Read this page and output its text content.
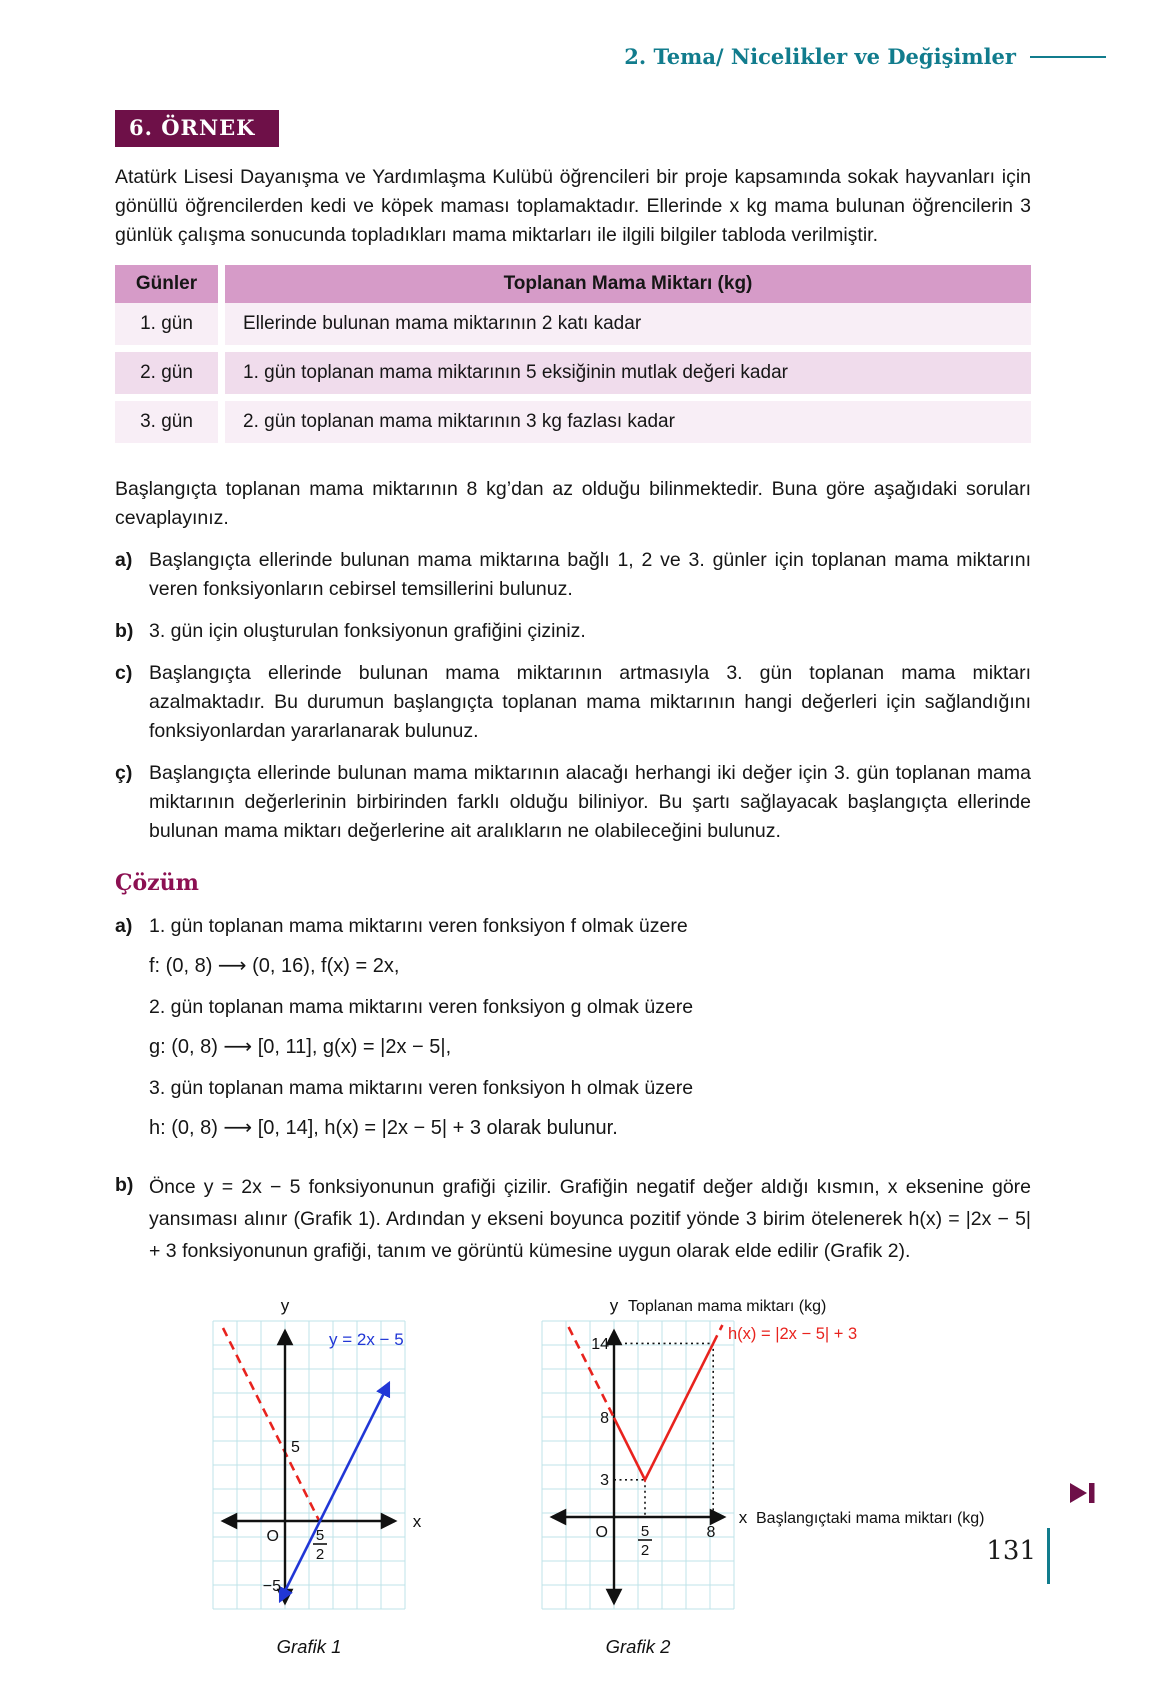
2. Tema/ Nicelikler ve Değişimler
6. ÖRNEK

Atatürk Lisesi Dayanışma ve Yardımlaşma Kulübü öğrencileri bir proje kapsamında sokak hayvanları için gönüllü öğrencilerden kedi ve köpek maması toplamaktadır. Ellerinde x kg mama bulunan öğrencilerin 3 günlük çalışma sonucunda topladıkları mama miktarları ile ilgili bilgiler tabloda verilmiştir.

Günler	Toplanan Mama Miktarı (kg)
1. gün	Ellerinde bulunan mama miktarının 2 katı kadar
2. gün	1. gün toplanan mama miktarının 5 eksiğinin mutlak değeri kadar
3. gün	2. gün toplanan mama miktarının 3 kg fazlası kadar

Başlangıçta toplanan mama miktarının 8 kg’dan az olduğu bilinmektedir. Buna göre aşağıdaki soruları cevaplayınız.

a) Başlangıçta ellerinde bulunan mama miktarına bağlı 1, 2 ve 3. günler için toplanan mama miktarını veren fonksiyonların cebirsel temsillerini bulunuz.
b) 3. gün için oluşturulan fonksiyonun grafiğini çiziniz.
c) Başlangıçta ellerinde bulunan mama miktarının artmasıyla 3. gün toplanan mama miktarı azalmaktadır. Bu durumun başlangıçta toplanan mama miktarının hangi değerleri için sağlandığını fonksiyonlardan yararlanarak bulunuz.
ç) Başlangıçta ellerinde bulunan mama miktarının alacağı herhangi iki değer için 3. gün toplanan mama miktarının değerlerinin birbirinden farklı olduğu biliniyor. Bu şartı sağlayacak başlangıçta ellerinde bulunan mama miktarı değerlerine ait aralıkların ne olabileceğini bulunuz.
Çözüm
a) 1. gün toplanan mama miktarını veren fonksiyon f olmak üzere
f: (0, 8) ⟶ (0, 16), f(x) = 2x,
2. gün toplanan mama miktarını veren fonksiyon g olmak üzere
g: (0, 8) ⟶ [0, 11], g(x) = |2x − 5|,
3. gün toplanan mama miktarını veren fonksiyon h olmak üzere
h: (0, 8) ⟶ [0, 14], h(x) = |2x − 5| + 3 olarak bulunur.
b) Önce y = 2x − 5 fonksiyonunun grafiği çizilir. Grafiğin negatif değer aldığı kısmın, x eksenine göre yansıması alınır (Grafik 1). Ardından y ekseni boyunca pozitif yönde 3 birim ötelenerek h(x) = |2x − 5| + 3 fonksiyonunun grafiği, tanım ve görüntü kümesine uygun olarak elde edilir (Grafik 2).
y
x
y = 2x − 5
O
5
−5
5
2
Grafik 1
y Toplanan mama miktarı (kg)
h(x) = |2x − 5| + 3
14
8
3
O 5
2
8
x Başlangıçtaki mama miktarı (kg)
Grafik 2
131
